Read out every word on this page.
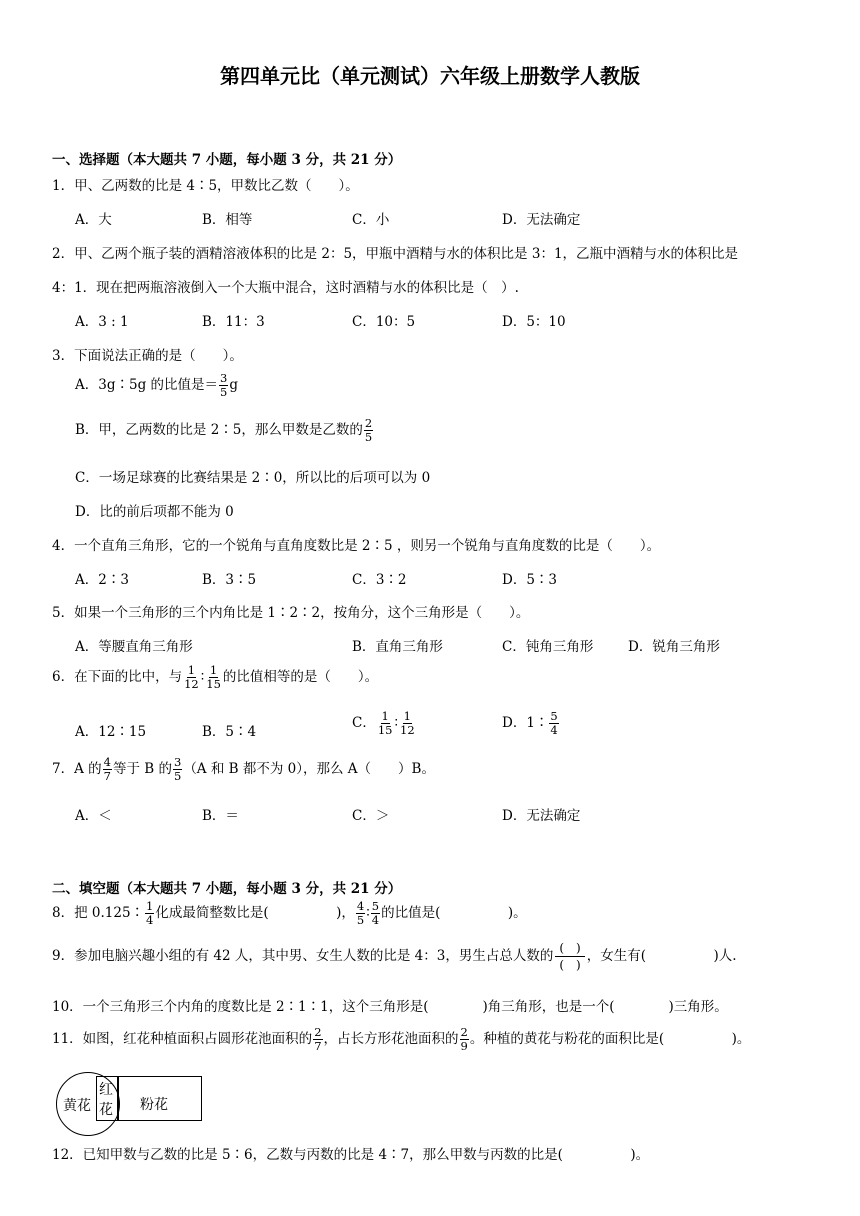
第四单元比（单元测试）六年级上册数学人教版
一、选择题（本大题共 7 小题，每小题 3 分，共 21 分）
1．甲、乙两数的比是 4∶5，甲数比乙数（　　）。
A．大	B．相等	C．小	D．无法确定
2．甲、乙两个瓶子装的酒精溶液体积的比是 2：5，甲瓶中酒精与水的体积比是 3：1，乙瓶中酒精与水的体积比是
4：1．现在把两瓶溶液倒入一个大瓶中混合，这时酒精与水的体积比是（　）.
A．3 : 1	B．11：3	C．10：5	D．5：10
3．下面说法正确的是（　　）。
A．3g∶5g 的比值是＝ $\frac{3}{5}$ g
B．甲，乙两数的比是 2∶5，那么甲数是乙数的 $\frac{2}{5}$
C．一场足球赛的比赛结果是 2∶0，所以比的后项可以为 0
D．比的前后项都不能为 0
4．一个直角三角形，它的一个锐角与直角度数比是 2∶5 ，则另一个锐角与直角度数的比是（　　）。
A．2∶3	B．3∶5	C．3∶2	D．5∶3
5．如果一个三角形的三个内角比是 1∶2∶2，按角分，这个三角形是（　　）。
A．等腰直角三角形	B．直角三角形	C．钝角三角形	D．锐角三角形
6．在下面的比中，与 $\frac{1}{12}$ ∶ $\frac{1}{15}$ 的比值相等的是（　　）。
A．12∶15	B．5∶4
C． $\frac{1}{15}$ ∶ $\frac{1}{12}$	D．1∶ $\frac{5}{4}$
7．A 的 $\frac{4}{7}$ 等于 B 的 $\frac{3}{5} (A$ 和 B 都不为 0），那么 A（　　）B。
A．＜	B．＝	C．＞	D．无法确定
二、填空题（本大题共 7 小题，每小题 3 分，共 21 分）
8．把 0.125∶ $\frac{1}{4}$ 化成最简整数比是(　　　　　)， $\frac{4}{5}$ ∶ $\frac{5}{4}$ 的比值是(　　　　　)。
9．参加电脑兴趣小组的有 42 人，其中男、女生人数的比是 4：3，男生占总人数的 $\frac{( )}{( )}$ ，女生有(　　　　　)人.
10．一个三角形三个内角的度数比是 2∶1∶1，这个三角形是(　　　　)角三角形，也是一个(　　　　)三角形。
11．如图，红花种植面积占圆形花池面积的 $\frac{2}{7}$ ，占长方形花池面积的 $\frac{2}{9}$ 。种植的黄花与粉花的面积比是(　　　　　)。
黄花
红
花 粉花
12．已知甲数与乙数的比是 5∶6，乙数与丙数的比是 4∶7，那么甲数与丙数的比是(　　　　　)。
